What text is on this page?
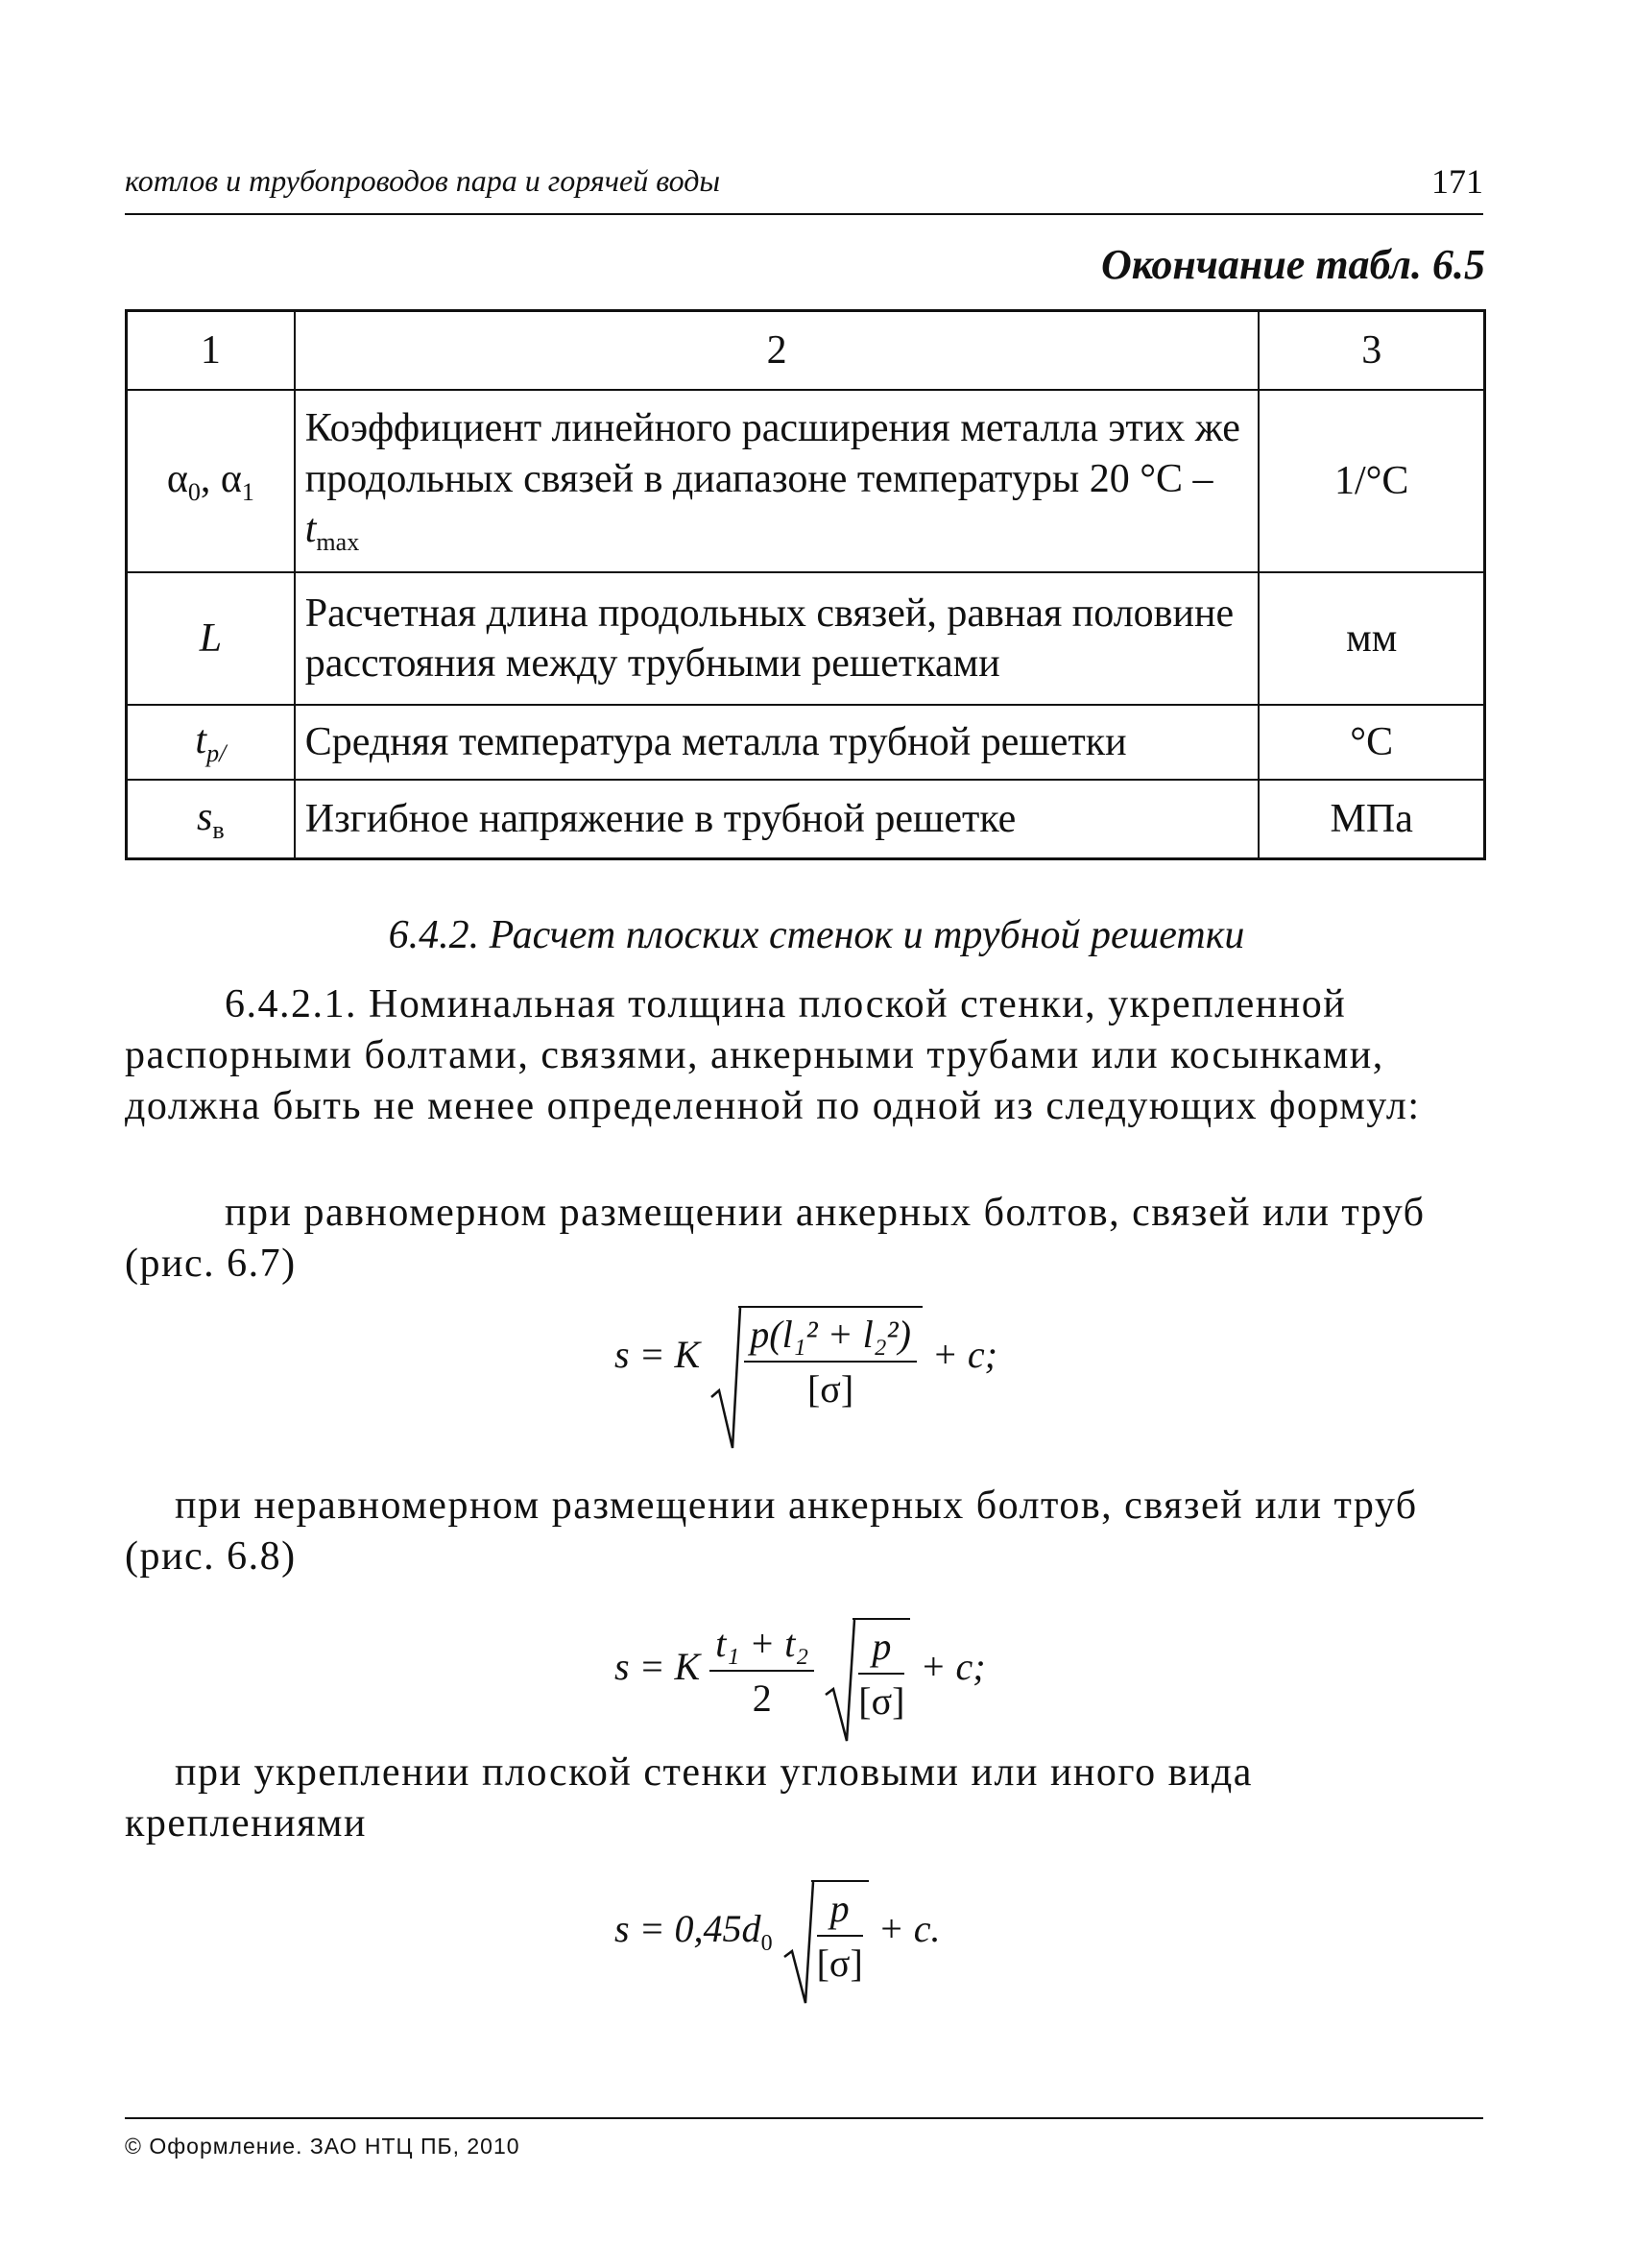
котлов и трубопроводов пара и горячей воды	171
Окончание табл. 6.5
1	2	3
$\alpha_0$, $\alpha_1$	Коэффициент линейного расширения металла этих же продольных связей в диапазоне температуры 20 $^\circ С - t_{max}$	1/°С
L	Расчетная длина продольных связей, равная половине расстояния между трубными решетками	мм
$t_{p/}$	Средняя температура металла трубной решетки	°С
$s_в$	Изгибное напряжение в трубной решетке	МПа
6.4.2. Расчет плоских стенок и трубной решетки
6.4.2.1. Номинальная толщина плоской стенки, укрепленной распорными болтами, связями, анкерными трубами или косынками, должна быть не менее определенной по одной из следующих формул:
при равномерном размещении анкерных болтов, связей или труб (рис. 6.7)
s = K $\frac{\text{p(l₁² + l₂²)}}{[\sigma]} + c$;
при неравномерном размещении анкерных болтов, связей или труб (рис. 6.8)
s = K $\frac{\text{t₁ + t₂}}{2}$
$\frac{p}{[\sigma]} + c$;
при укреплении плоской стенки угловыми или иного вида креплениями
$s = 0,45d_0 \frac{p}{[\sigma]} + c$.
© Оформление. ЗАО НТЦ ПБ, 2010
